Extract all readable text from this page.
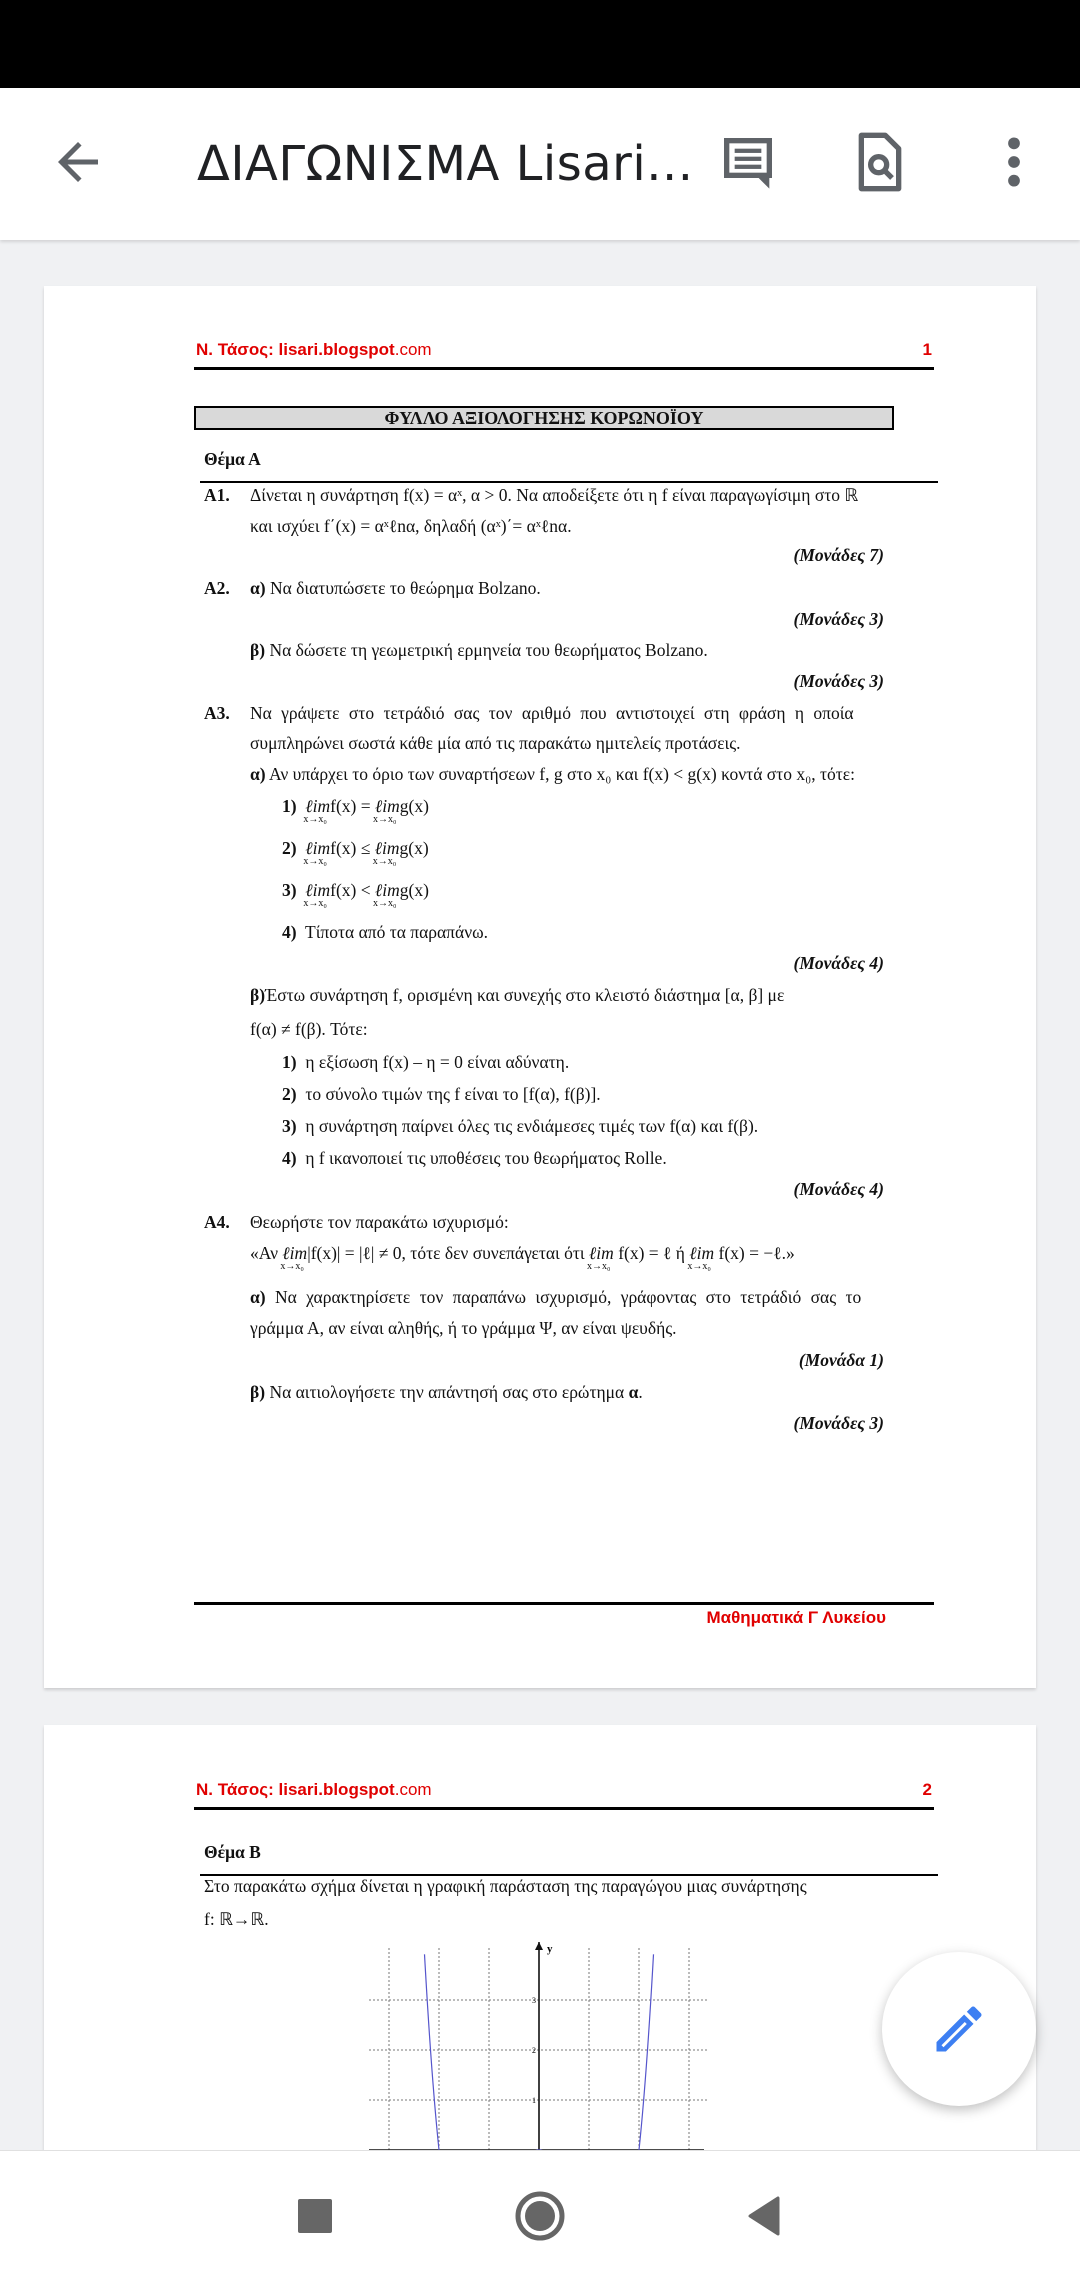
ΔΙΑΓΩΝΙΣΜΑ Lisari...
Ν. Τάσος: lisari.blogspot.com	1
ΦΥΛΛΟ ΑΞΙΟΛΟΓΗΣΗΣ ΚΟΡΩΝΟΪΟΥ
Θέμα Α
A1. Δίνεται η συνάρτηση f(x) = αˣ, α > 0. Να αποδείξετε ότι η f είναι παραγωγίσιμη στο ℝ
και ισχύει f΄(x) = αˣℓnα, δηλαδή (αˣ)΄= αˣℓnα.
(Μονάδες 7)
A2. α) Να διατυπώσετε το θεώρημα Bolzano.
(Μονάδες 3)
β) Να δώσετε τη γεωμετρική ερμηνεία του θεωρήματος Bolzano.
(Μονάδες 3)
A3. Να γράψετε στο τετράδιό σας τον αριθμό που αντιστοιχεί στη φράση η οποία
συμπληρώνει σωστά κάθε μία από τις παρακάτω ημιτελείς προτάσεις.
α) Αν υπάρχει το όριο των συναρτήσεων f, g στο x₀ και f(x) < g(x) κοντά στο x₀, τότε:
1) ℓim
x→x₀
f(x) = ℓim
x→x₀
g(x)
2) ℓim
x→x₀
f(x) ≤ ℓim
x→x₀
g(x)
3) ℓim
x→x₀
f(x) < ℓim
x→x₀
g(x)
4) Τίποτα από τα παραπάνω.
(Μονάδες 4)
β)Έστω συνάρτηση f, ορισμένη και συνεχής στο κλειστό διάστημα [α, β] με
f(α) ≠ f(β). Τότε:
1) η εξίσωση f(x) – η = 0 είναι αδύνατη.
2) το σύνολο τιμών της f είναι το [f(α), f(β)].
3) η συνάρτηση παίρνει όλες τις ενδιάμεσες τιμές των f(α) και f(β).
4) η f ικανοποιεί τις υποθέσεις του θεωρήματος Rolle.
(Μονάδες 4)
A4. Θεωρήστε τον παρακάτω ισχυρισμό:
«Αν ℓim
x→x₀
|f(x)| = |ℓ| ≠ 0, τότε δεν συνεπάγεται ότι ℓim
x→x₀
f(x) = ℓ ή ℓim
x→x₀
f(x) = −ℓ.»
α) Να χαρακτηρίσετε τον παραπάνω ισχυρισμό, γράφοντας στο τετράδιό σας το
γράμμα Α, αν είναι αληθής, ή το γράμμα Ψ, αν είναι ψευδής.
(Μονάδα 1)
β) Να αιτιολογήσετε την απάντησή σας στο ερώτημα α.
(Μονάδες 3)
Μαθηματικά Γ Λυκείου
Ν. Τάσος: lisari.blogspot.com	2
Θέμα Β
Στο παρακάτω σχήμα δίνεται η γραφική παράσταση της παραγώγου μιας συνάρτησης
f: ℝ→ℝ.
y
1
2
3
